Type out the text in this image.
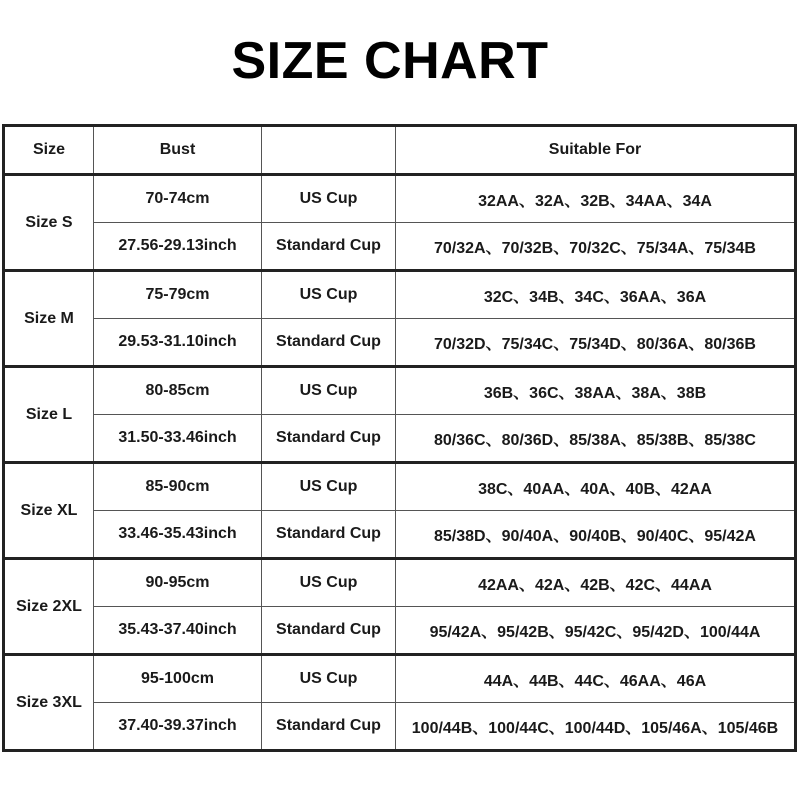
SIZE CHART
Size	Bust		Suitable For
Size S	70-74cm	US Cup	32AA、32A、32B、34AA、34A
	27.56-29.13inch	Standard Cup	70/32A、70/32B、70/32C、75/34A、75/34B
Size M	75-79cm	US Cup	32C、34B、34C、36AA、36A
	29.53-31.10inch	Standard Cup	70/32D、75/34C、75/34D、80/36A、80/36B
Size L	80-85cm	US Cup	36B、36C、38AA、38A、38B
	31.50-33.46inch	Standard Cup	80/36C、80/36D、85/38A、85/38B、85/38C
Size XL	85-90cm	US Cup	38C、40AA、40A、40B、42AA
	33.46-35.43inch	Standard Cup	85/38D、90/40A、90/40B、90/40C、95/42A
Size 2XL	90-95cm	US Cup	42AA、42A、42B、42C、44AA
	35.43-37.40inch	Standard Cup	95/42A、95/42B、95/42C、95/42D、100/44A
Size 3XL	95-100cm	US Cup	44A、44B、44C、46AA、46A
	37.40-39.37inch	Standard Cup	100/44B、100/44C、100/44D、105/46A、105/46B
